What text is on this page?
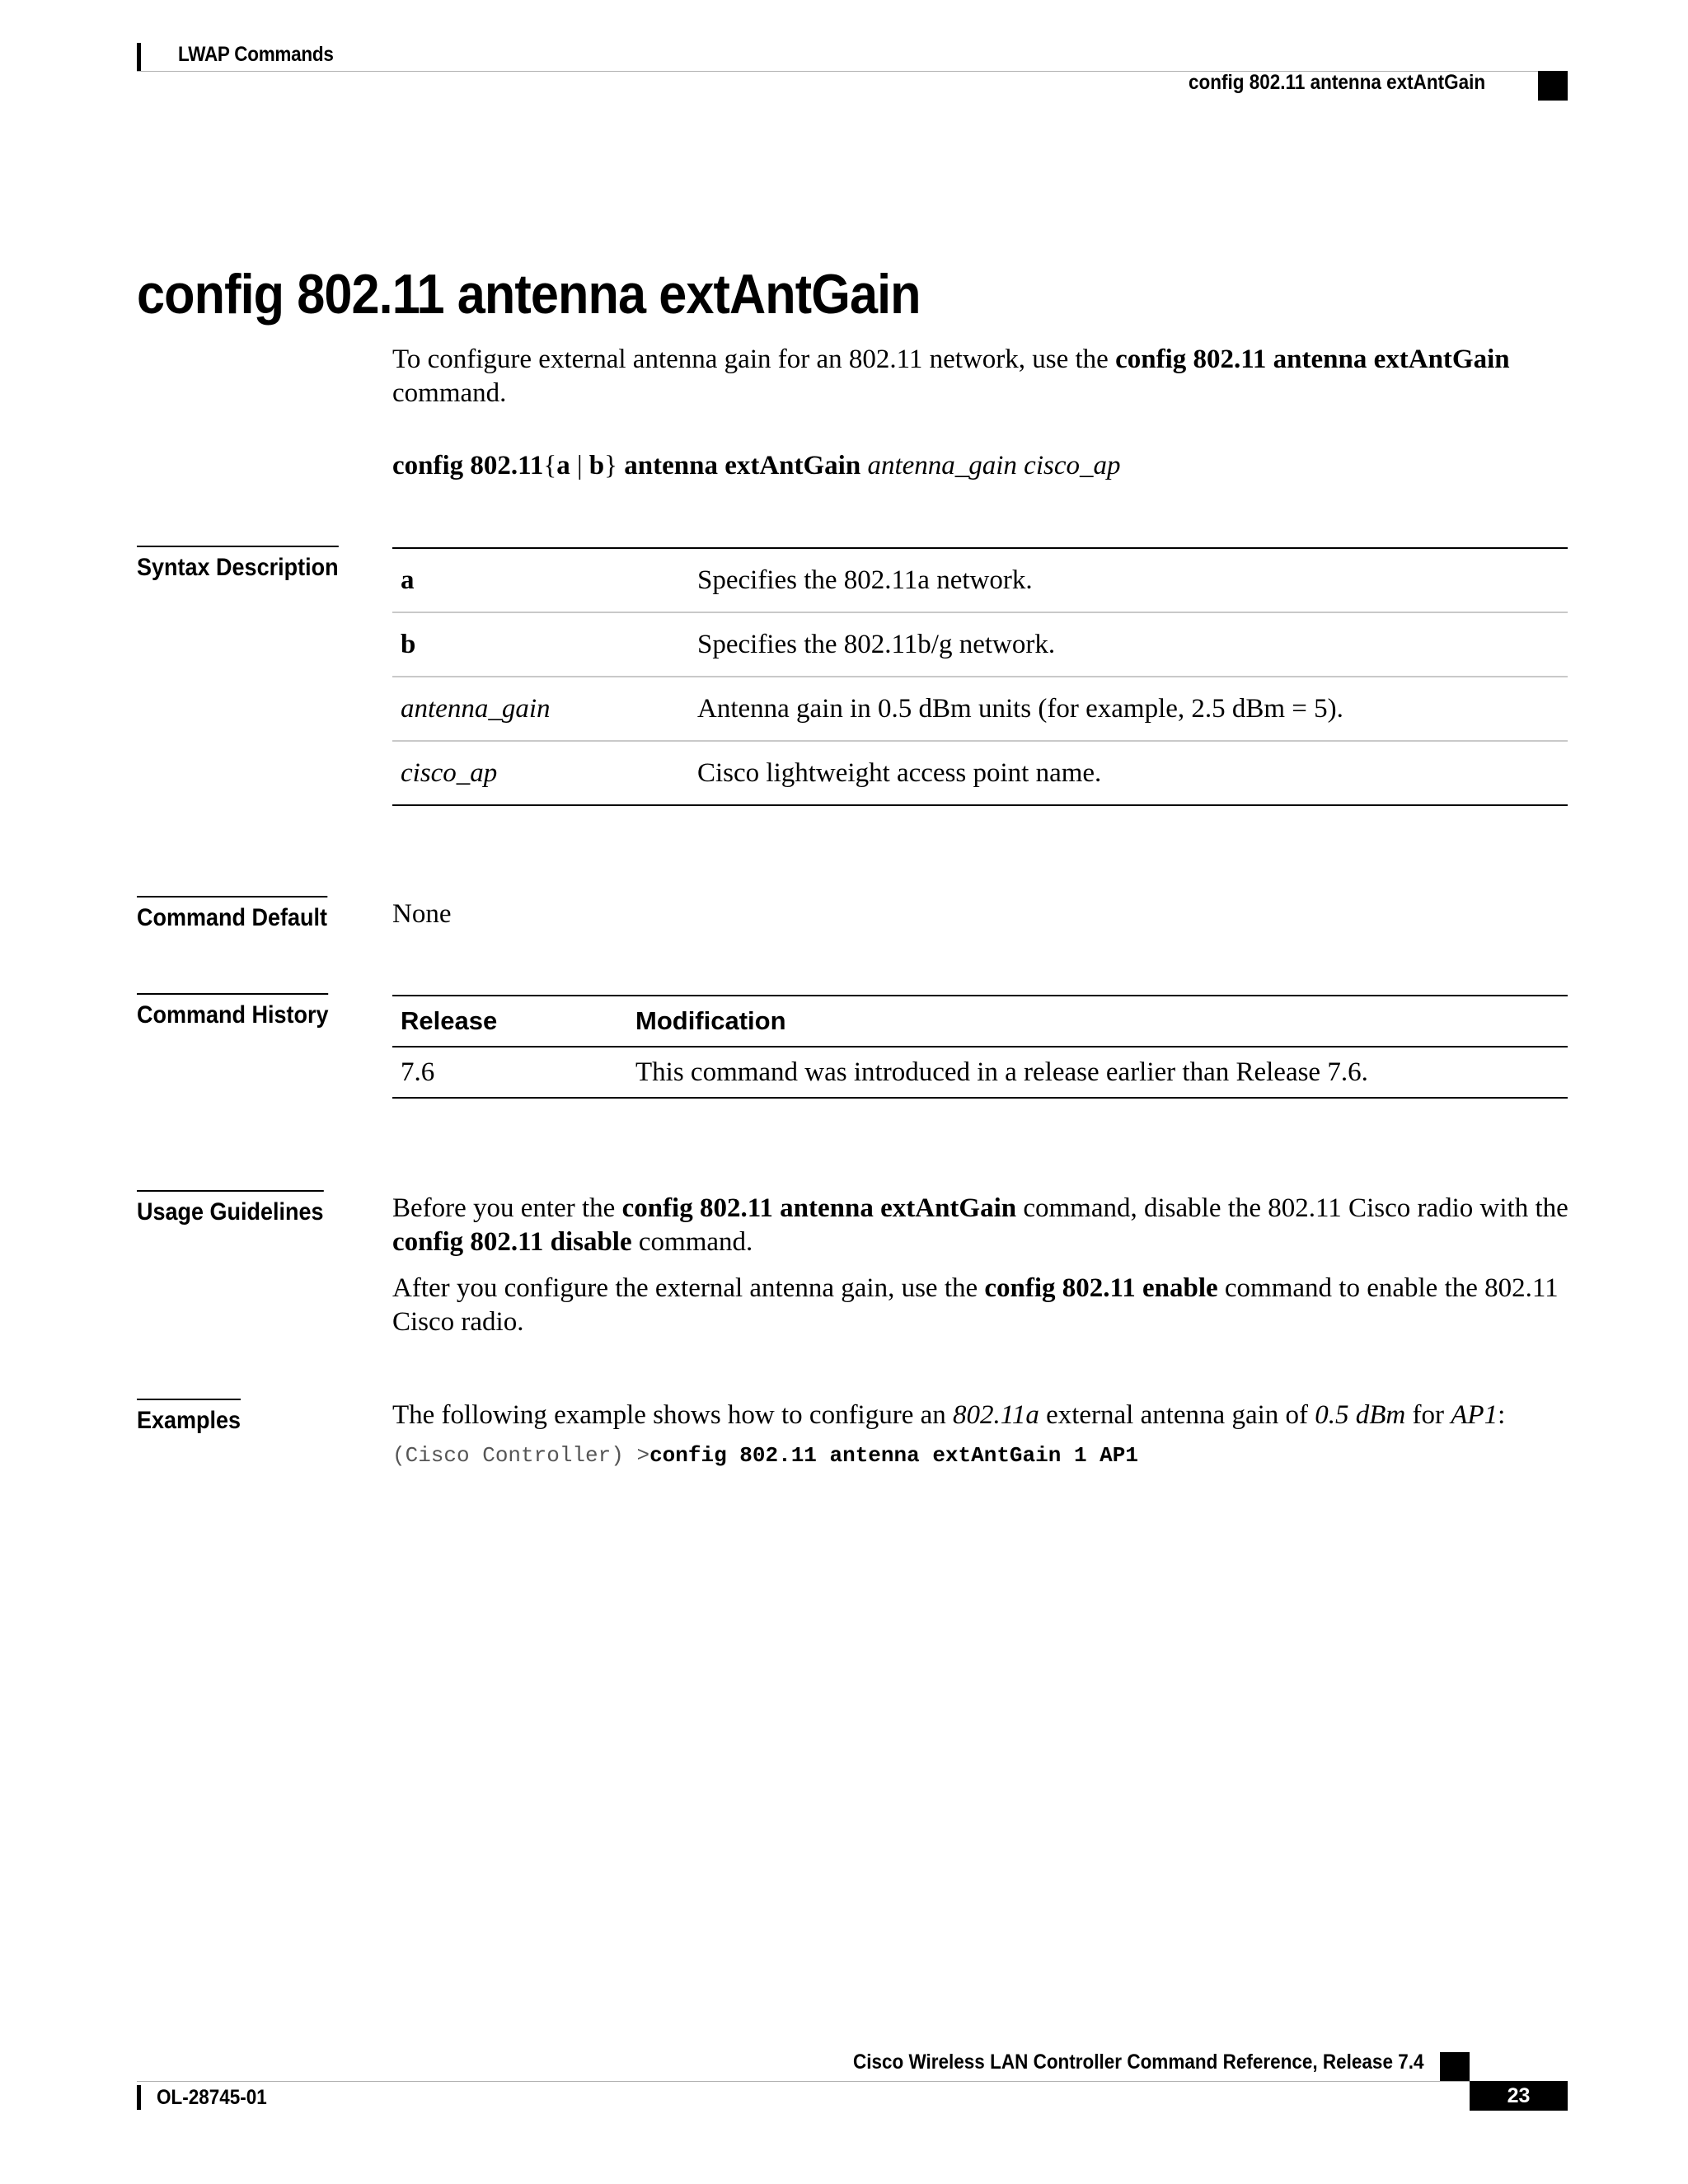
LWAP Commands
config 802.11 antenna extAntGain
config 802.11 antenna extAntGain
To configure external antenna gain for an 802.11 network, use the config 802.11 antenna extAntGain command.
config 802.11{a | b} antenna extAntGain antenna_gain cisco_ap
Syntax Description a	Specifies the 802.11a network.
b	Specifies the 802.11b/g network.
antenna_gain	Antenna gain in 0.5 dBm units (for example, 2.5 dBm = 5).
cisco_ap	Cisco lightweight access point name.
Command Default None
Command History	Release	Modification
7.6	This command was introduced in a release earlier than Release 7.6.
Usage Guidelines	Before you enter the config 802.11 antenna extAntGain command, disable the 802.11 Cisco radio with the config 802.11 disable command.
After you configure the external antenna gain, use the config 802.11 enable command to enable the 802.11 Cisco radio.
Examples	The following example shows how to configure an 802.11a external antenna gain of 0.5 dBm for AP1:
(Cisco Controller) >config 802.11 antenna extAntGain 1 AP1
Cisco Wireless LAN Controller Command Reference, Release 7.4
OL-28745-01	23
